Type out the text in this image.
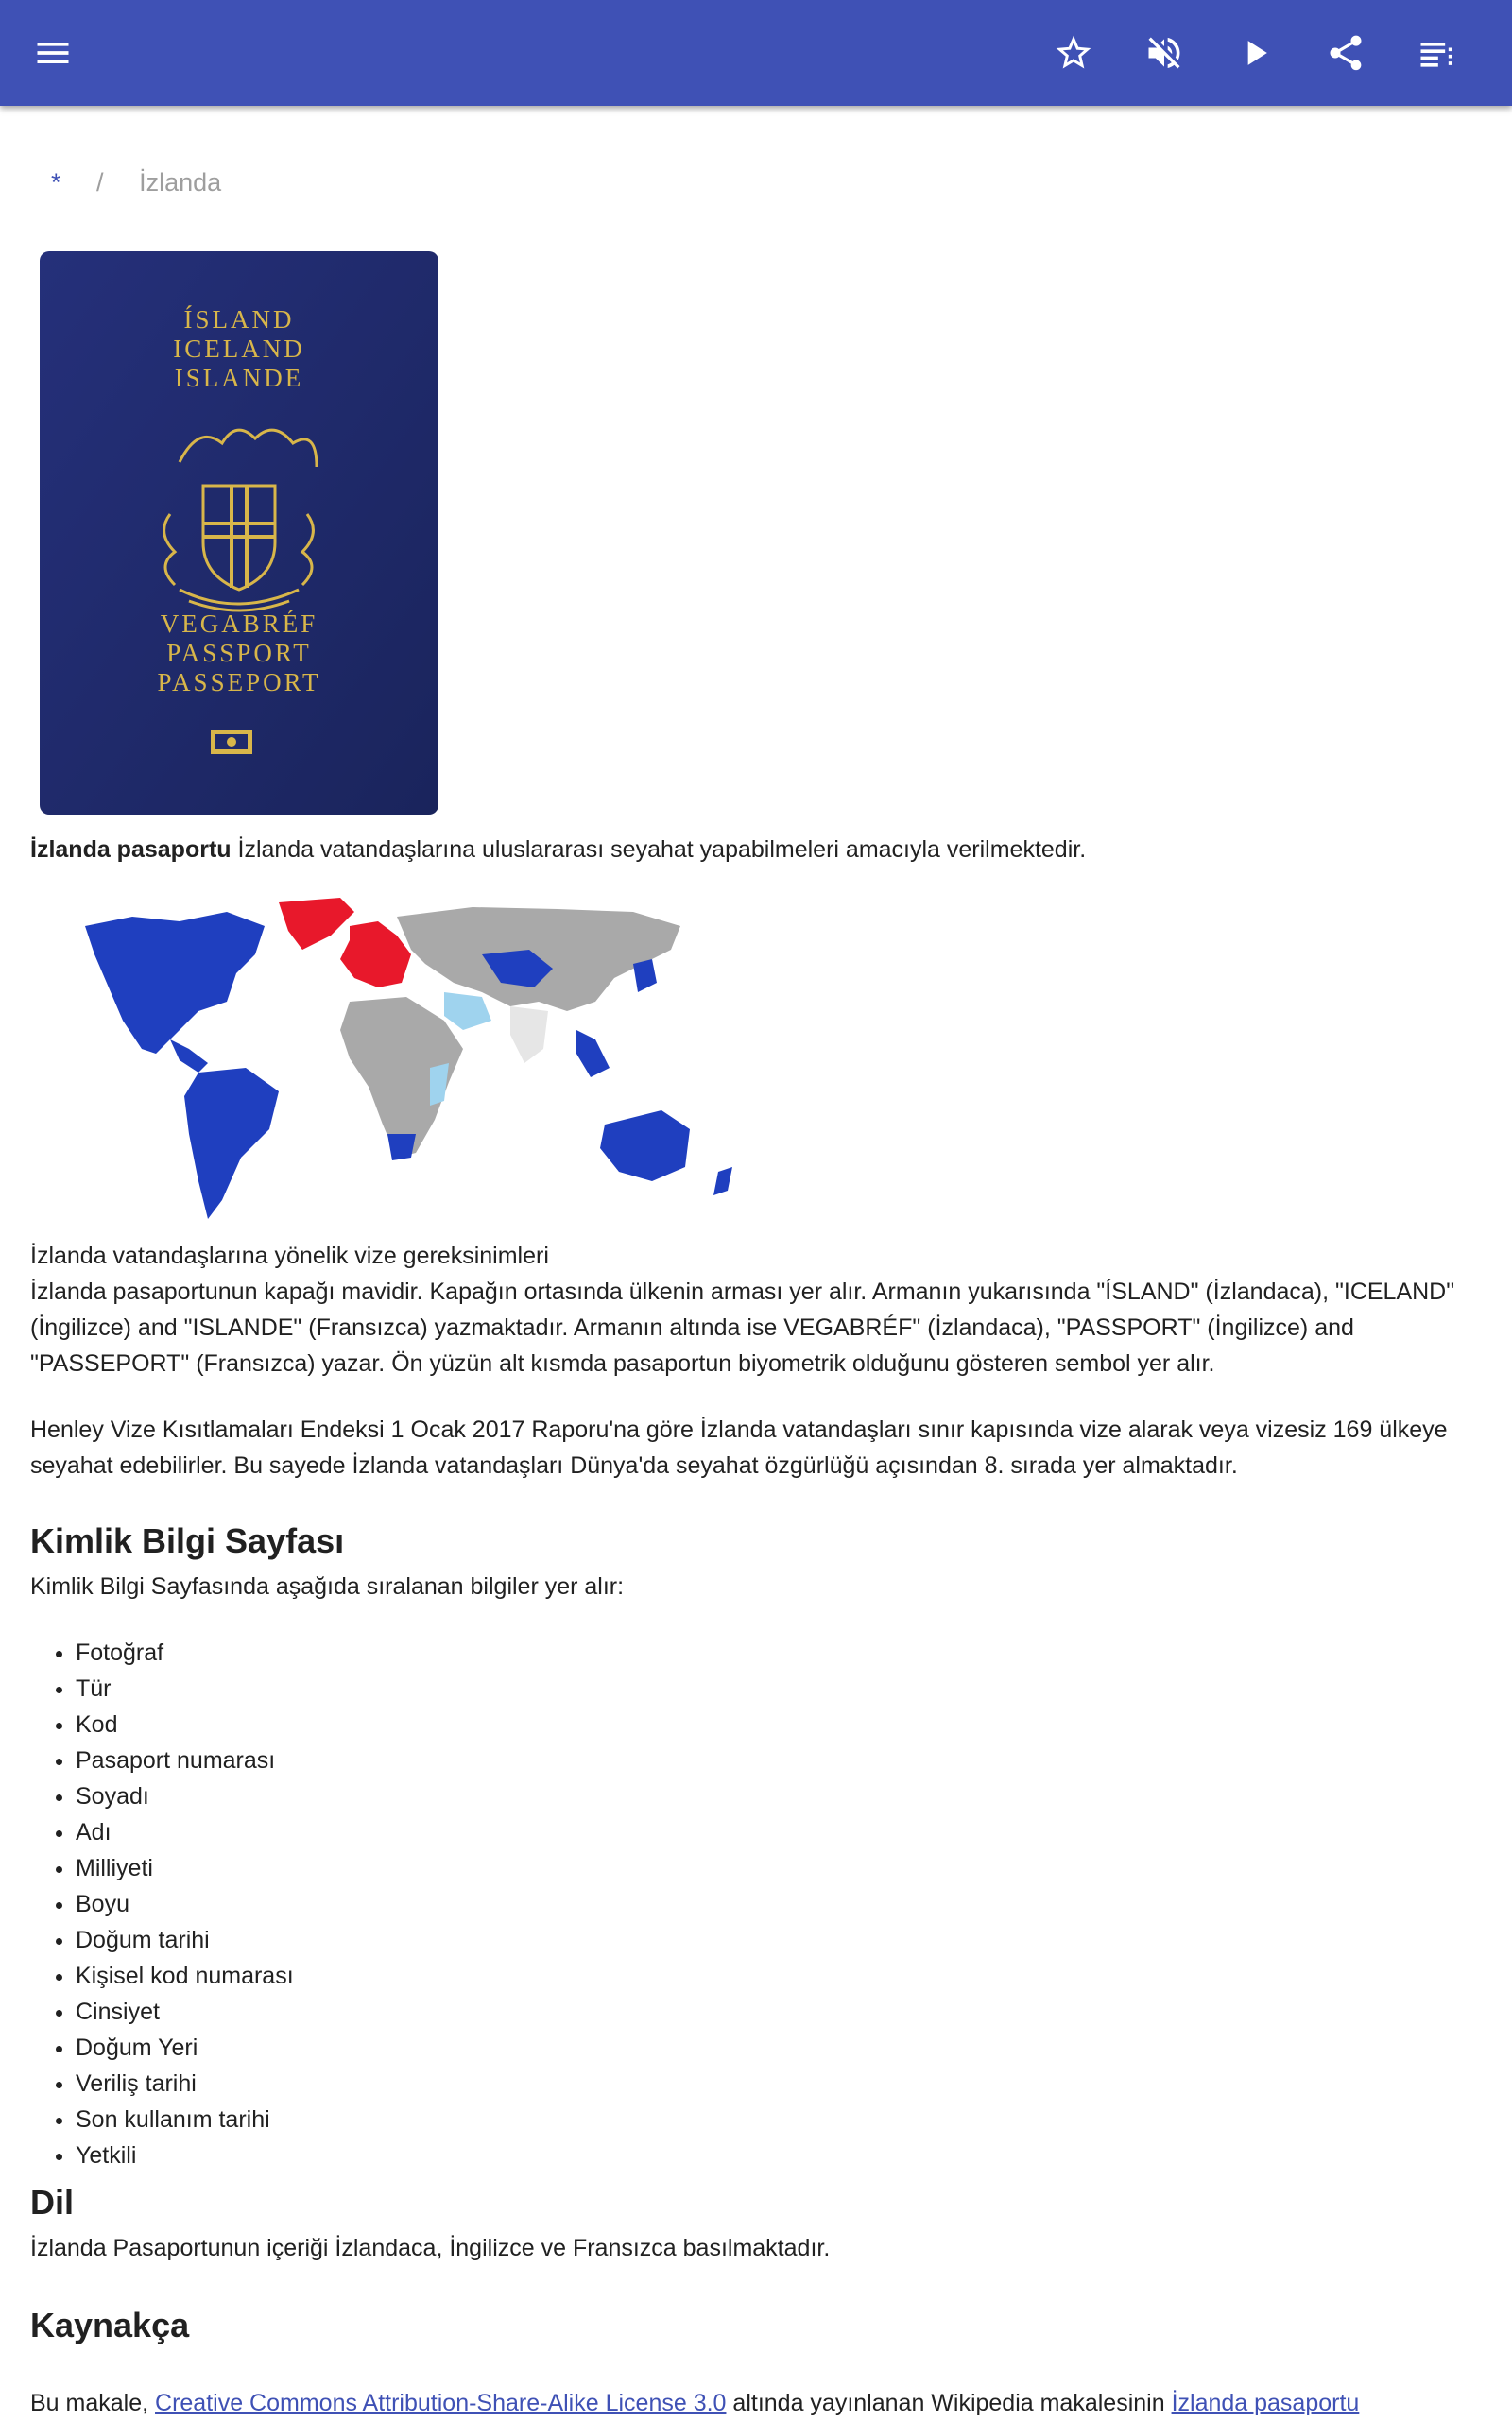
* / İzlanda
ÍSLAND
ICELAND
ISLANDE
VEGABRÉF
PASSPORT
PASSEPORT

İzlanda pasaportu İzlanda vatandaşlarına uluslararası seyahat yapabilmeleri amacıyla verilmektedir.

İzlanda vatandaşlarına yönelik vize gereksinimleri

İzlanda pasaportunun kapağı mavidir. Kapağın ortasında ülkenin arması yer alır. Armanın yukarısında "ÍSLAND" (İzlandaca), "ICELAND" (İngilizce) and "ISLANDE" (Fransızca) yazmaktadır. Armanın altında ise VEGABRÉF" (İzlandaca), "PASSPORT" (İngilizce) and "PASSEPORT" (Fransızca) yazar. Ön yüzün alt kısmda pasaportun biyometrik olduğunu gösteren sembol yer alır.

Henley Vize Kısıtlamaları Endeksi 1 Ocak 2017 Raporu'na göre İzlanda vatandaşları sınır kapısında vize alarak veya vizesiz 169 ülkeye seyahat edebilirler. Bu sayede İzlanda vatandaşları Dünya'da seyahat özgürlüğü açısından 8. sırada yer almaktadır.

Kimlik Bilgi Sayfası

Kimlik Bilgi Sayfasında aşağıda sıralanan bilgiler yer alır:

• Fotoğraf
• Tür
• Kod
• Pasaport numarası
• Soyadı
• Adı
• Milliyeti
• Boyu
• Doğum tarihi
• Kişisel kod numarası
• Cinsiyet
• Doğum Yeri
• Veriliş tarihi
• Son kullanım tarihi
• Yetkili
Dil

İzlanda Pasaportunun içeriği İzlandaca, İngilizce ve Fransızca basılmaktadır.

Kaynakça

Bu makale, Creative Commons Attribution-Share-Alike License 3.0 altında yayınlanan Wikipedia makalesinin İzlanda pasaportu
